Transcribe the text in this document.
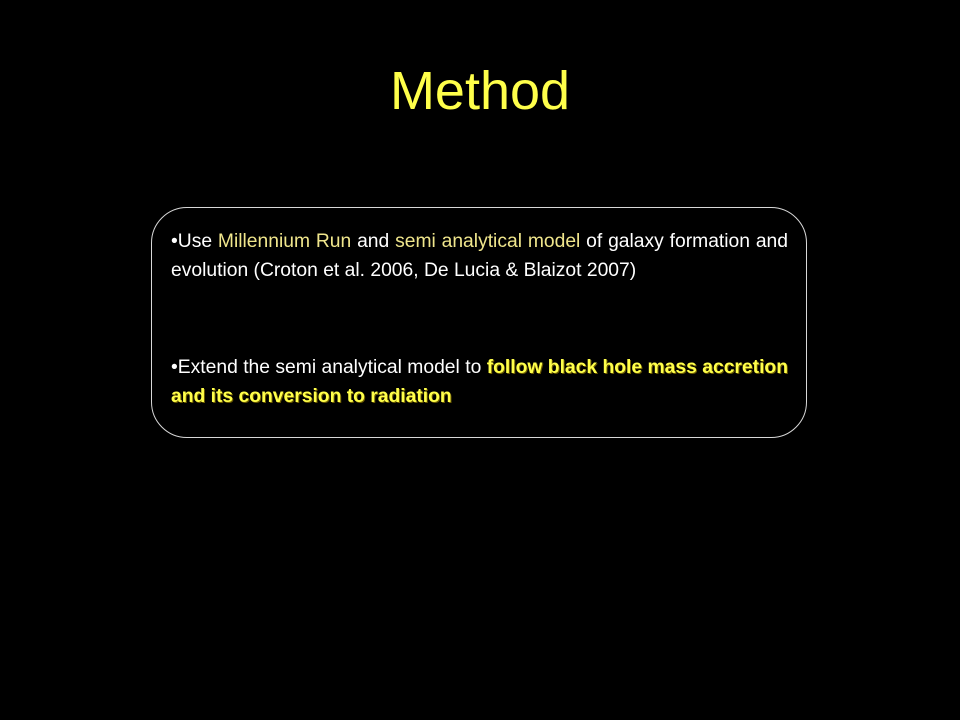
Method

•Use Millennium Run and semi analytical model of galaxy formation and evolution (Croton et al. 2006, De Lucia & Blaizot 2007)

•Extend the semi analytical model to follow black hole mass accretion and its conversion to radiation
